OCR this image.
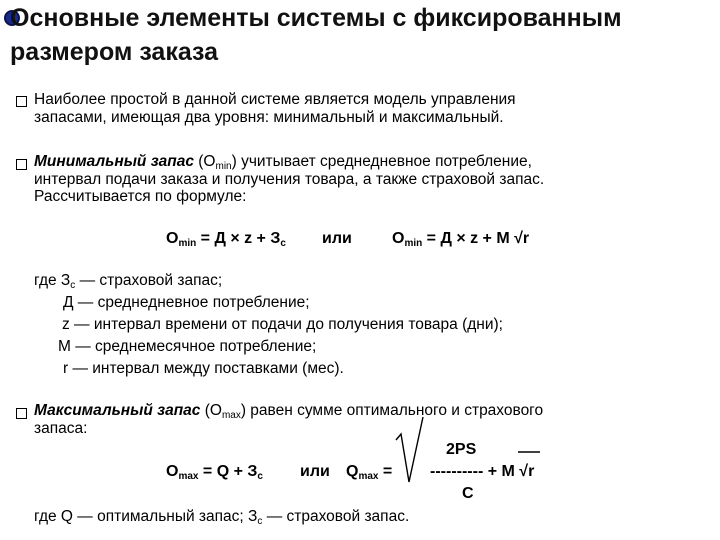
Основные элементы системы с фиксированным
размером заказа
Наиболее простой в данной системе является модель управления
запасами, имеющая два уровня: минимальный и максимальный.
Минимальный запас $(О_{min})$ учитывает среднедневное потребление,
интервал подачи заказа и получения товара, а также страховой запас.
Рассчитывается по формуле:
$О_{min} = Д \times z + З_с$ или	$О_{min} = Д \times z + М$ √r
где $З_с$ — страховой запас;
Д — среднедневное потребление;
z — интервал времени от подачи до получения товара (дни);
М — среднемесячное потребление;
r — интервал между поставками (мес).
Максимальный запас $(О_{max})$ равен сумме оптимального и страхового
запаса:
2PS
$О_{max} = Q + З_с$ или $Q_{max}$ = ---------- + М √r
С
где Q — оптимальный запас; $З_с$ — страховой запас.
